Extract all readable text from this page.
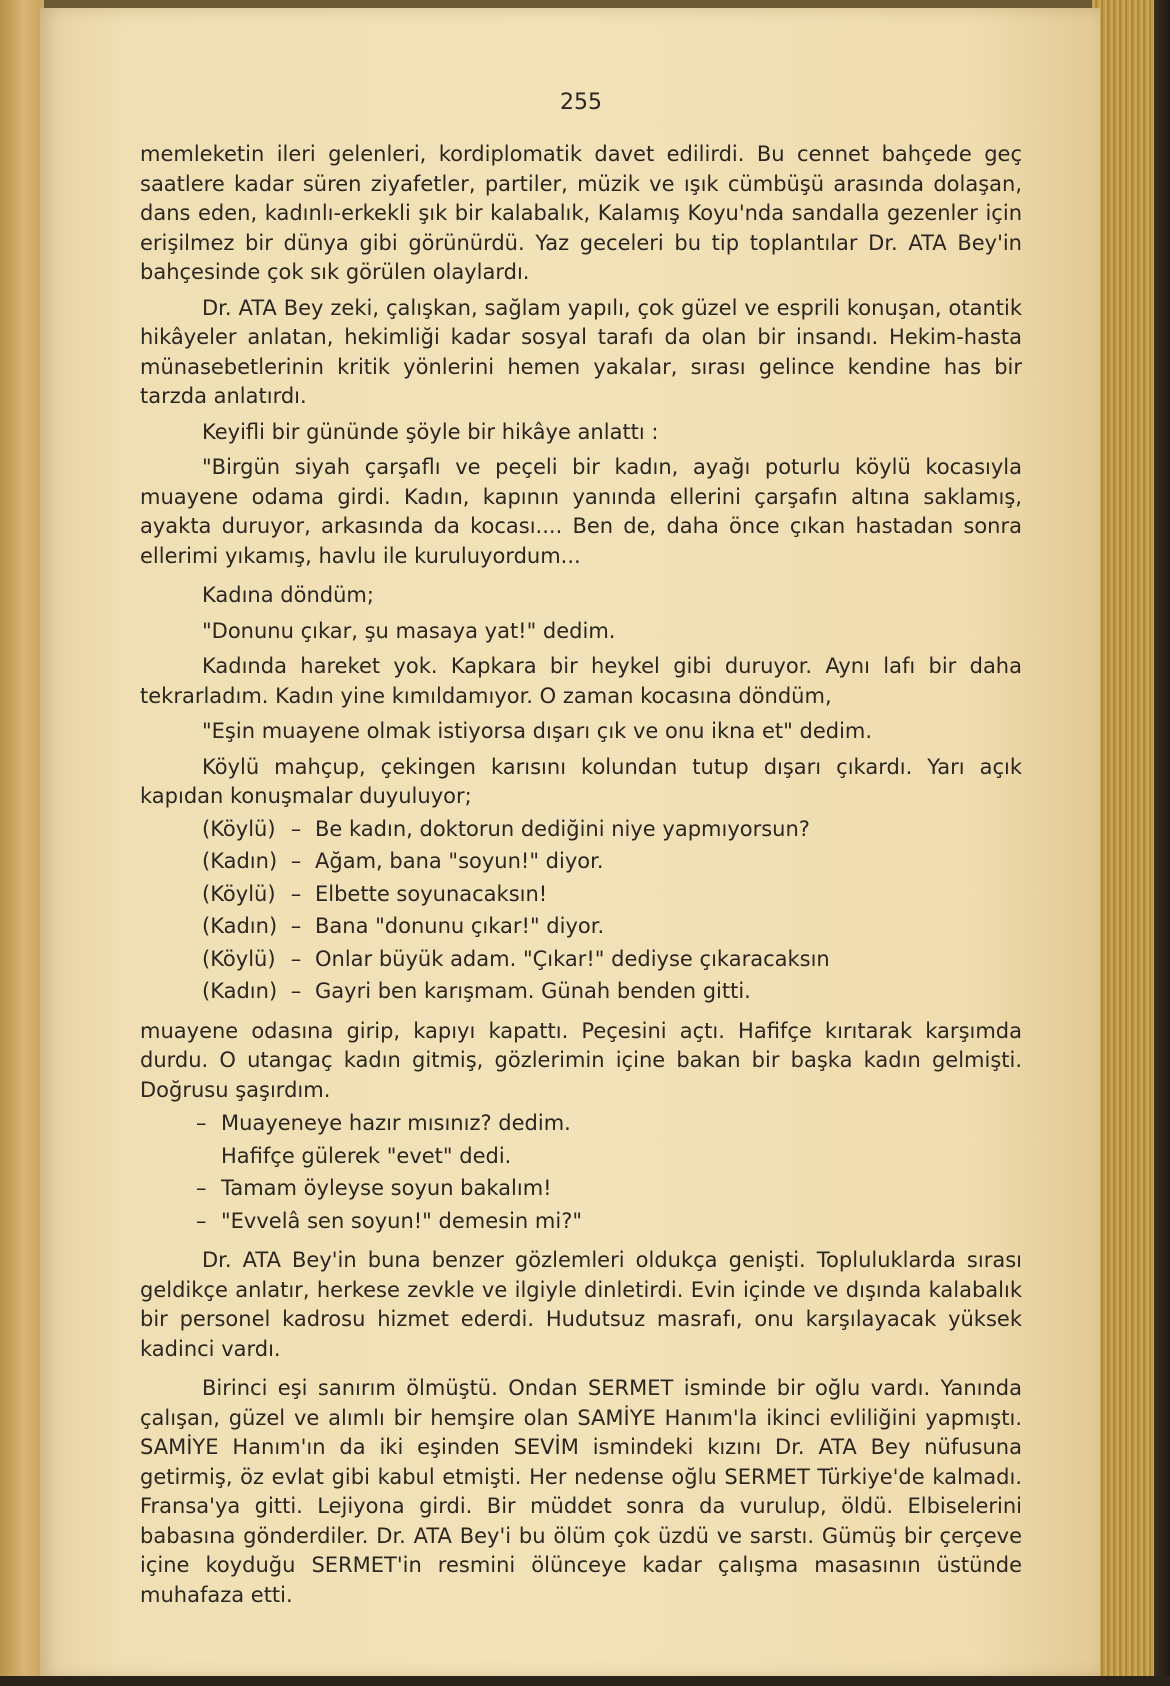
255

memleketin ileri gelenleri, kordiplomatik davet edilirdi. Bu cennet bahçede geç saatlere kadar süren ziyafetler, partiler, müzik ve ışık cümbüşü arasında dolaşan, dans eden, kadınlı-erkekli şık bir kalabalık, Kalamış Koyu'nda sandalla gezenler için erişilmez bir dünya gibi görünürdü. Yaz geceleri bu tip toplantılar Dr. ATA Bey'in bahçesinde çok sık görülen olaylardı.

Dr. ATA Bey zeki, çalışkan, sağlam yapılı, çok güzel ve esprili konuşan, otantik hikâyeler anlatan, hekimliği kadar sosyal tarafı da olan bir insandı. Hekim-hasta münasebetlerinin kritik yönlerini hemen yakalar, sırası gelince kendine has bir tarzda anlatırdı.

Keyifli bir gününde şöyle bir hikâye anlattı :

"Birgün siyah çarşaflı ve peçeli bir kadın, ayağı poturlu köylü kocasıyla muayene odama girdi. Kadın, kapının yanında ellerini çarşafın altına saklamış, ayakta duruyor, arkasında da kocası.... Ben de, daha önce çıkan hastadan sonra ellerimi yıkamış, havlu ile kuruluyordum...

Kadına döndüm;

"Donunu çıkar, şu masaya yat!" dedim.

Kadında hareket yok. Kapkara bir heykel gibi duruyor. Aynı lafı bir daha tekrarladım. Kadın yine kımıldamıyor. O zaman kocasına döndüm,

"Eşin muayene olmak istiyorsa dışarı çık ve onu ikna et" dedim.

Köylü mahçup, çekingen karısını kolundan tutup dışarı çıkardı. Yarı açık kapıdan konuşmalar duyuluyor;

(Köylü) – Be kadın, doktorun dediğini niye yapmıyorsun?
(Kadın) – Ağam, bana "soyun!" diyor.
(Köylü) – Elbette soyunacaksın!
(Kadın) – Bana "donunu çıkar!" diyor.
(Köylü) – Onlar büyük adam. "Çıkar!" dediyse çıkaracaksın
(Kadın) – Gayri ben karışmam. Günah benden gitti.

muayene odasına girip, kapıyı kapattı. Peçesini açtı. Hafifçe kırıtarak karşımda durdu. O utangaç kadın gitmiş, gözlerimin içine bakan bir başka kadın gelmişti. Doğrusu şaşırdım.

– Muayeneye hazır mısınız? dedim.
Hafifçe gülerek "evet" dedi.
– Tamam öyleyse soyun bakalım!
– "Evvelâ sen soyun!" demesin mi?"

Dr. ATA Bey'in buna benzer gözlemleri oldukça genişti. Topluluklarda sırası geldikçe anlatır, herkese zevkle ve ilgiyle dinletirdi. Evin içinde ve dışında kalabalık bir personel kadrosu hizmet ederdi. Hudutsuz masrafı, onu karşılayacak yüksek kadinci vardı.

Birinci eşi sanırım ölmüştü. Ondan SERMET isminde bir oğlu vardı. Yanında çalışan, güzel ve alımlı bir hemşire olan SAMİYE Hanım'la ikinci evliliğini yapmıştı. SAMİYE Hanım'ın da iki eşinden SEVİM ismindeki kızını Dr. ATA Bey nüfusuna getirmiş, öz evlat gibi kabul etmişti. Her nedense oğlu SERMET Türkiye'de kalmadı. Fransa'ya gitti. Lejiyona girdi. Bir müddet sonra da vurulup, öldü. Elbiselerini babasına gönderdiler. Dr. ATA Bey'i bu ölüm çok üzdü ve sarstı. Gümüş bir çerçeve içine koyduğu SERMET'in resmini ölünceye kadar çalışma masasının üstünde muhafaza etti.
